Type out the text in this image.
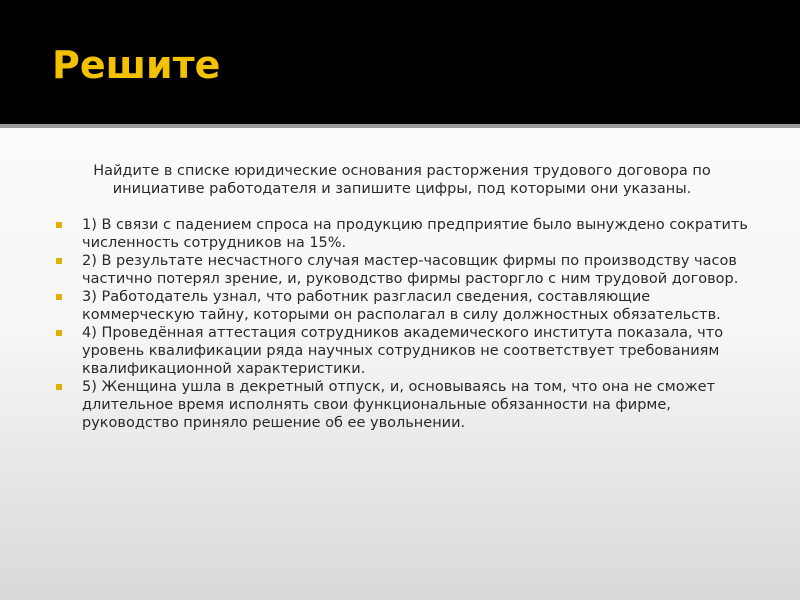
Решите

Найдите в списке юридические основания расторжения трудового договора по инициативе работодателя и запишите цифры, под которыми они указаны.

1) В связи с падением спроса на продукцию предприятие было вынуждено сократить численность сотрудников на 15%.
2) В результате несчастного случая мастер-часовщик фирмы по производству часов частично потерял зрение, и, руководство фирмы расторгло с ним трудовой договор.
3) Работодатель узнал, что работник разгласил сведения, составляющие коммерческую тайну, которыми он располагал в силу должностных обязательств.
4) Проведённая аттестация сотрудников академического института показала, что уровень квалификации ряда научных сотрудников не соответствует требованиям квалификационной характеристики.
5) Женщина ушла в декретный отпуск, и, основываясь на том, что она не сможет длительное время исполнять свои функциональные обязанности на фирме, руководство приняло решение об ее увольнении.
